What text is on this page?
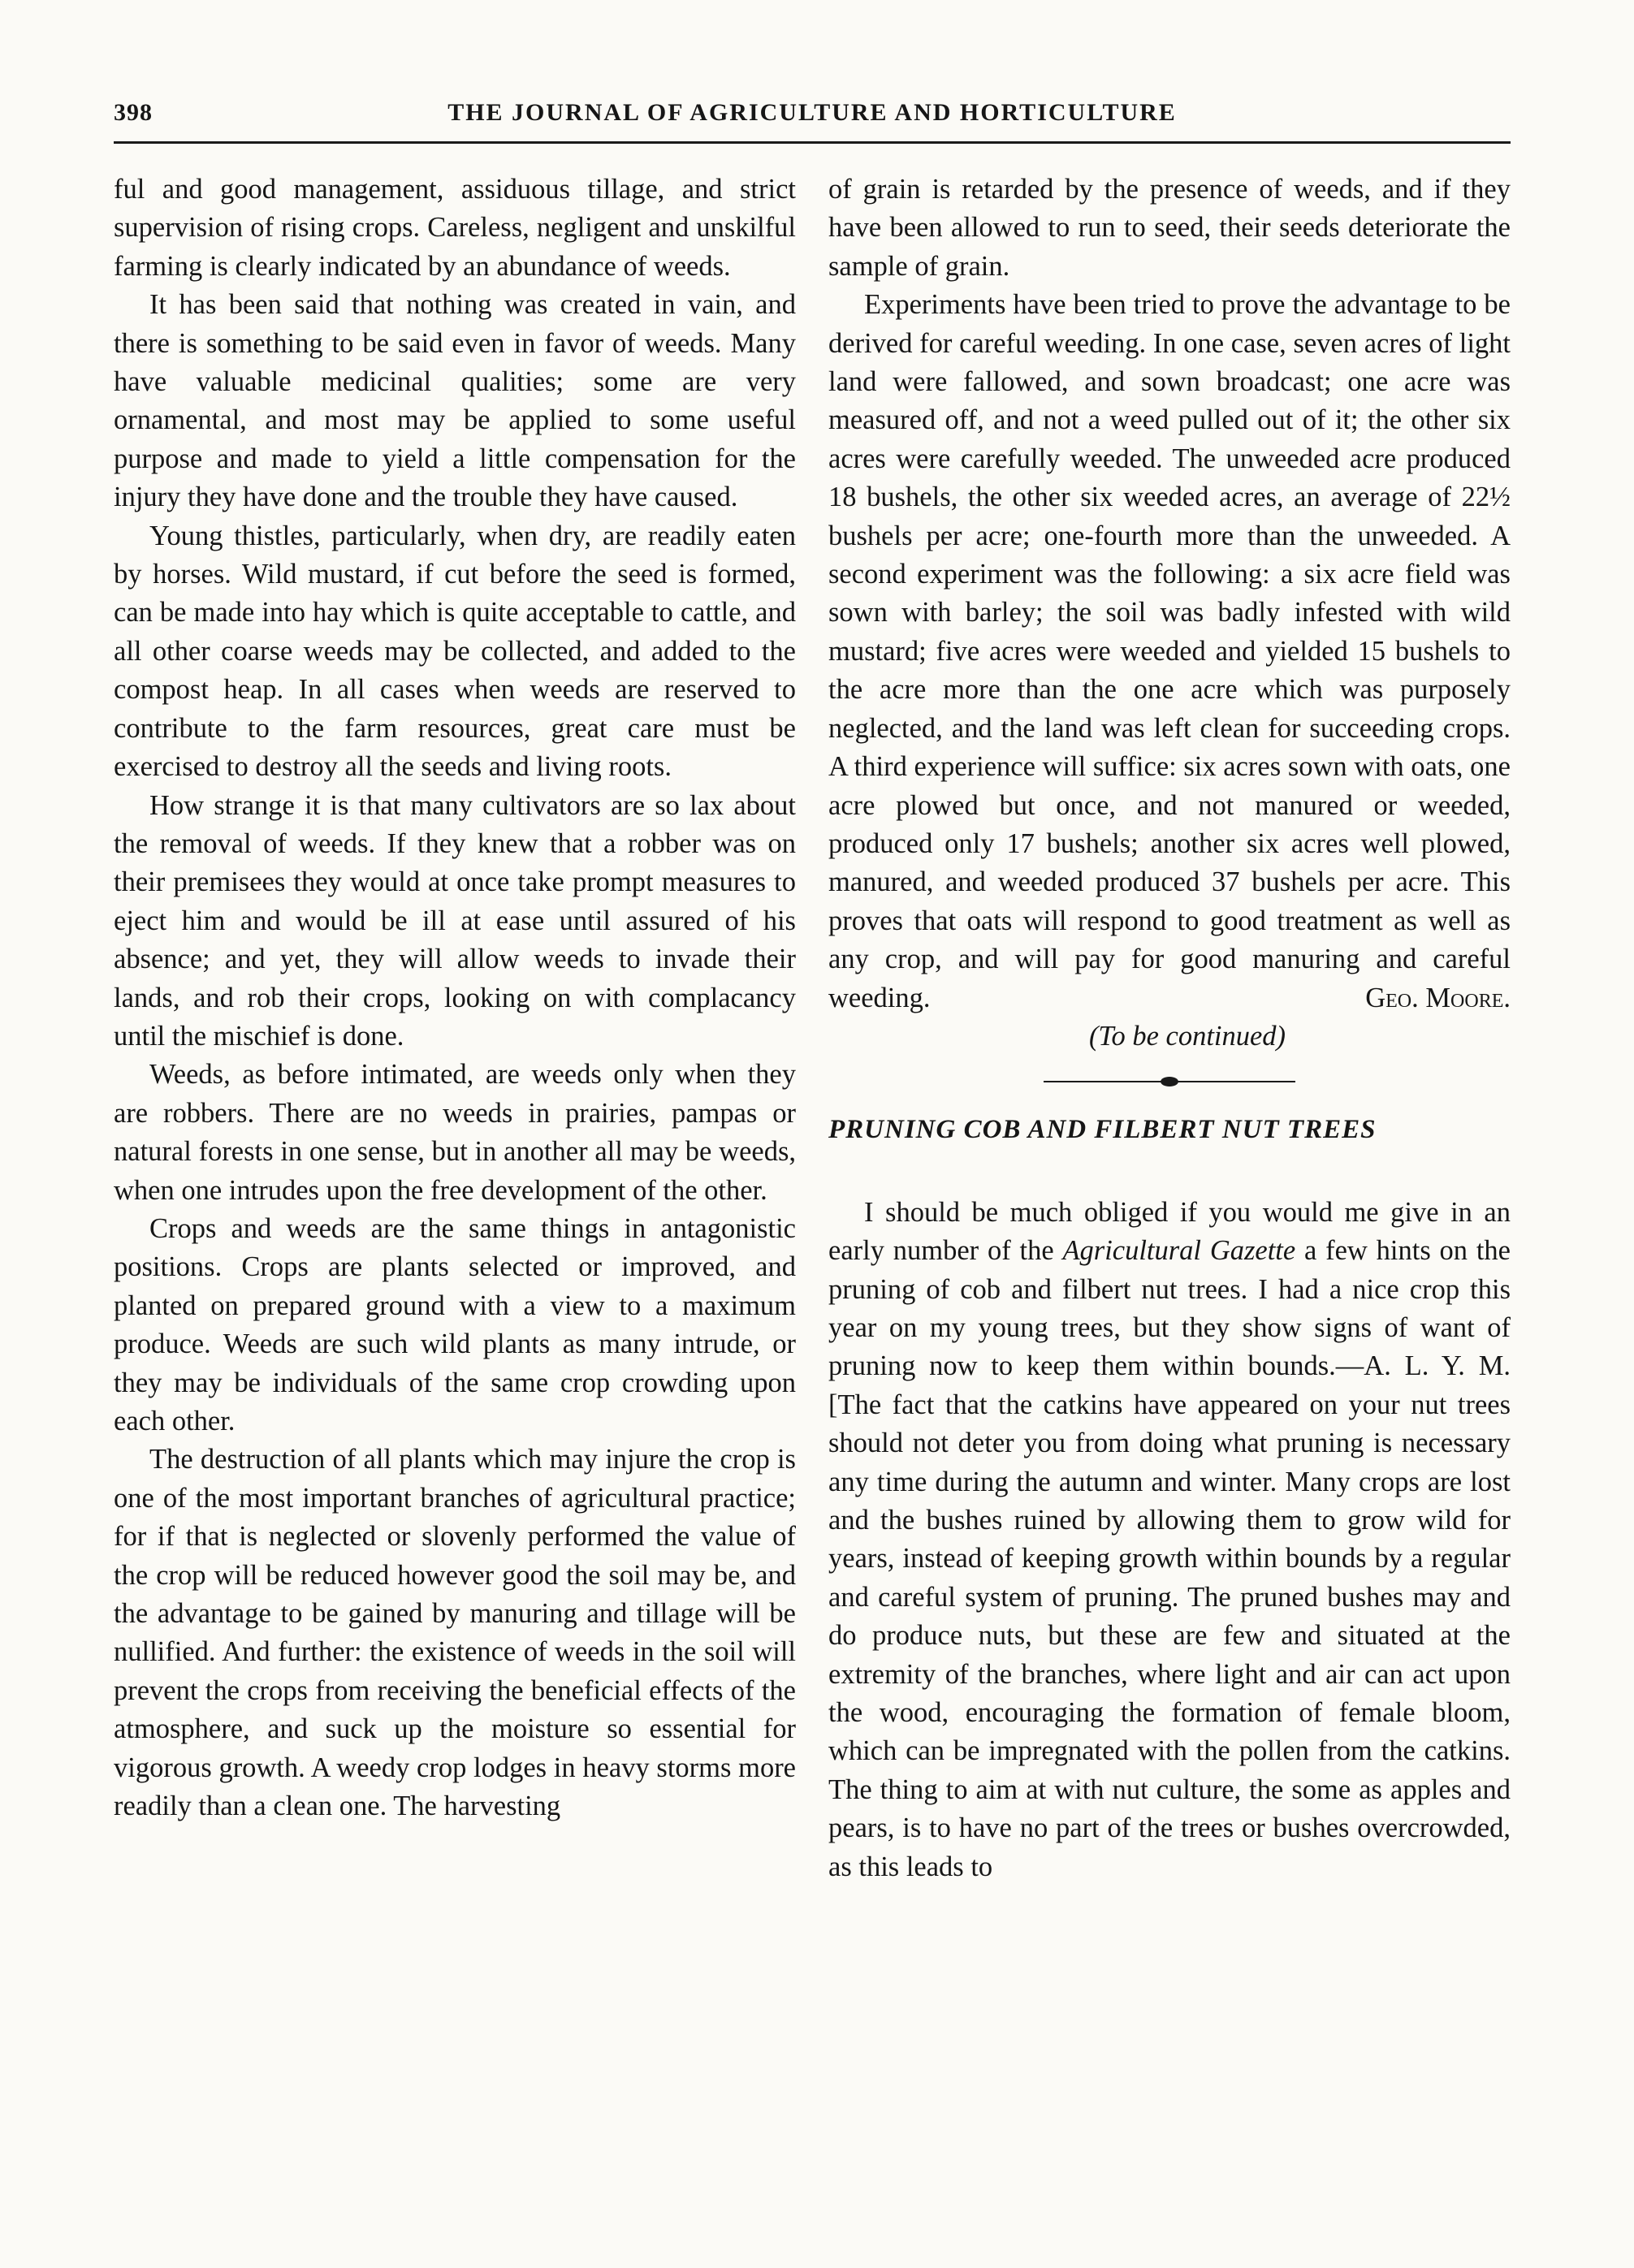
398	THE JOURNAL OF AGRICULTURE AND HORTICULTURE

ful and good management, assiduous tillage, and strict supervision of rising crops. Careless, negligent and unskilful farming is clearly indicated by an abundance of weeds.

It has been said that nothing was created in vain, and there is something to be said even in favor of weeds. Many have valuable medicinal qualities; some are very ornamental, and most may be applied to some useful purpose and made to yield a little compensation for the injury they have done and the trouble they have caused.

Young thistles, particularly, when dry, are readily eaten by horses. Wild mustard, if cut before the seed is formed, can be made into hay which is quite acceptable to cattle, and all other coarse weeds may be collected, and added to the compost heap. In all cases when weeds are reserved to contribute to the farm resources, great care must be exercised to destroy all the seeds and living roots.

How strange it is that many cultivators are so lax about the removal of weeds. If they knew that a robber was on their premisees they would at once take prompt measures to eject him and would be ill at ease until assured of his absence; and yet, they will allow weeds to invade their lands, and rob their crops, looking on with complacancy until the mischief is done.

Weeds, as before intimated, are weeds only when they are robbers. There are no weeds in prairies, pampas or natural forests in one sense, but in another all may be weeds, when one intrudes upon the free development of the other.

Crops and weeds are the same things in antagonistic positions. Crops are plants selected or improved, and planted on prepared ground with a view to a maximum produce. Weeds are such wild plants as many intrude, or they may be individuals of the same crop crowding upon each other.

The destruction of all plants which may injure the crop is one of the most important branches of agricultural practice; for if that is neglected or slovenly performed the value of the crop will be reduced however good the soil may be, and the advantage to be gained by manuring and tillage will be nullified. And further: the existence of weeds in the soil will prevent the crops from receiving the beneficial effects of the atmosphere, and suck up the moisture so essential for vigorous growth. A weedy crop lodges in heavy storms more readily than a clean one. The harvesting

of grain is retarded by the presence of weeds, and if they have been allowed to run to seed, their seeds deteriorate the sample of grain.

Experiments have been tried to prove the advantage to be derived for careful weeding. In one case, seven acres of light land were fallowed, and sown broadcast; one acre was measured off, and not a weed pulled out of it; the other six acres were carefully weeded. The unweeded acre produced 18 bushels, the other six weeded acres, an average of 22½ bushels per acre; one-fourth more than the unweeded. A second experiment was the following: a six acre field was sown with barley; the soil was badly infested with wild mustard; five acres were weeded and yielded 15 bushels to the acre more than the one acre which was purposely neglected, and the land was left clean for succeeding crops. A third experience will suffice: six acres sown with oats, one acre plowed but once, and not manured or weeded, produced only 17 bushels; another six acres well plowed, manured, and weeded produced 37 bushels per acre. This proves that oats will respond to good treatment as well as any crop, and will pay for good manuring and careful weeding.	Geo. Moore.

(To be continued)

PRUNING COB AND FILBERT NUT TREES

I should be much obliged if you would me give in an early number of the Agricultural Gazette a few hints on the pruning of cob and filbert nut trees. I had a nice crop this year on my young trees, but they show signs of want of pruning now to keep them within bounds.—A. L. Y. M. [The fact that the catkins have appeared on your nut trees should not deter you from doing what pruning is necessary any time during the autumn and winter. Many crops are lost and the bushes ruined by allowing them to grow wild for years, instead of keeping growth within bounds by a regular and careful system of pruning. The pruned bushes may and do produce nuts, but these are few and situated at the extremity of the branches, where light and air can act upon the wood, encouraging the formation of female bloom, which can be impregnated with the pollen from the catkins. The thing to aim at with nut culture, the some as apples and pears, is to have no part of the trees or bushes overcrowded, as this leads to
